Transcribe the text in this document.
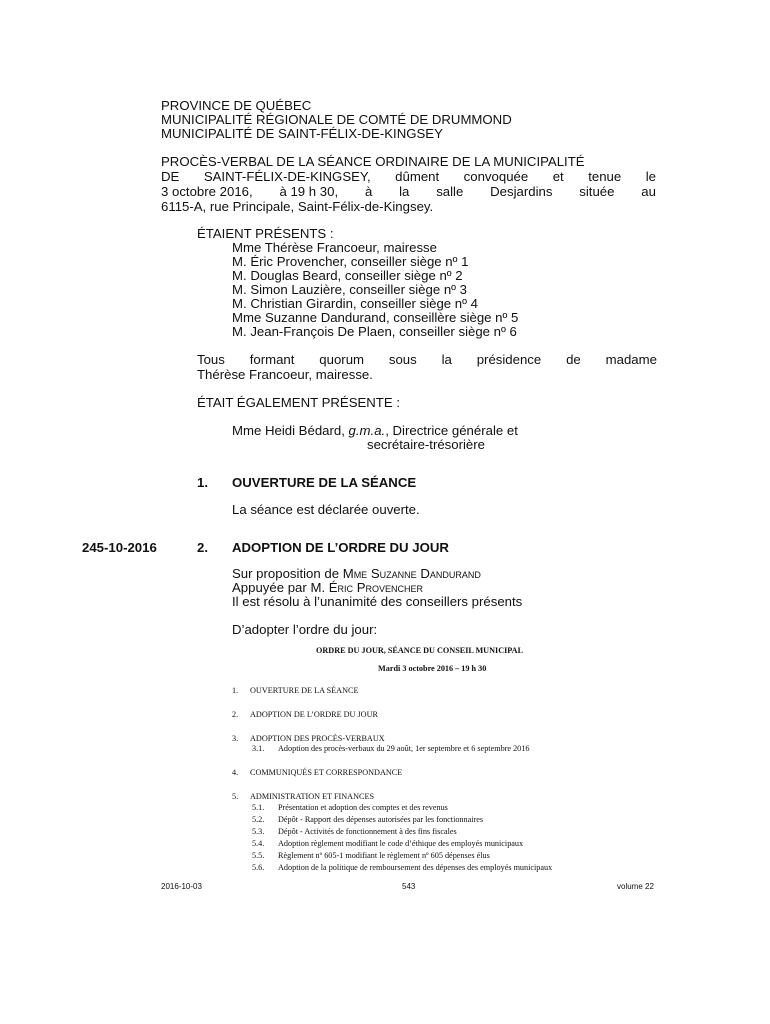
PROVINCE DE QUÉBEC
MUNICIPALITÉ RÉGIONALE DE COMTÉ DE DRUMMOND
MUNICIPALITÉ DE SAINT-FÉLIX-DE-KINGSEY
PROCÈS-VERBAL DE LA SÉANCE ORDINAIRE DE LA MUNICIPALITÉ
DE SAINT-FÉLIX-DE-KINGSEY, dûment convoquée et tenue le
3 octobre 2016, à 19 h 30, à la salle Desjardins située au
6115-A, rue Principale, Saint-Félix-de-Kingsey.
ÉTAIENT PRÉSENTS :
Mme Thérèse Francoeur, mairesse
M. Éric Provencher, conseiller siège nº 1
M. Douglas Beard, conseiller siège nº 2
M. Simon Lauzière, conseiller siège nº 3
M. Christian Girardin, conseiller siège nº 4
Mme Suzanne Dandurand, conseillère siège nº 5
M. Jean-François De Plaen, conseiller siège nº 6
Tous formant quorum sous la présidence de madame
Thérèse Francoeur, mairesse.
ÉTAIT ÉGALEMENT PRÉSENTE :
Mme Heidi Bédard, g.m.a., Directrice générale et
secrétaire-trésorière
1. OUVERTURE DE LA SÉANCE
La séance est déclarée ouverte.
245-10-2016	2. ADOPTION DE L’ORDRE DU JOUR
Sur proposition de Mme Suzanne Dandurand
Appuyée par M. Éric Provencher
Il est résolu à l’unanimité des conseillers présents
D’adopter l’ordre du jour:
ORDRE DU JOUR, SÉANCE DU CONSEIL MUNICIPAL
Mardi 3 octobre 2016 – 19 h 30
1. OUVERTURE DE LA SÉANCE
2. ADOPTION DE L’ORDRE DU JOUR
3. ADOPTION DES PROCÈS-VERBAUX
3.1. Adoption des procès-verbaux du 29 août, 1er septembre et 6 septembre 2016
4. COMMUNIQUÉS ET CORRESPONDANCE
5. ADMINISTRATION ET FINANCES
5.1. Présentation et adoption des comptes et des revenus
5.2. Dépôt - Rapport des dépenses autorisées par les fonctionnaires
5.3. Dépôt - Activités de fonctionnement à des fins fiscales
5.4. Adoption règlement modifiant le code d’éthique des employés municipaux
5.5. Règlement nº 605-1 modifiant le règlement nº 605 dépenses élus
5.6. Adoption de la politique de remboursement des dépenses des employés municipaux
2016-10-03	543	volume 22
